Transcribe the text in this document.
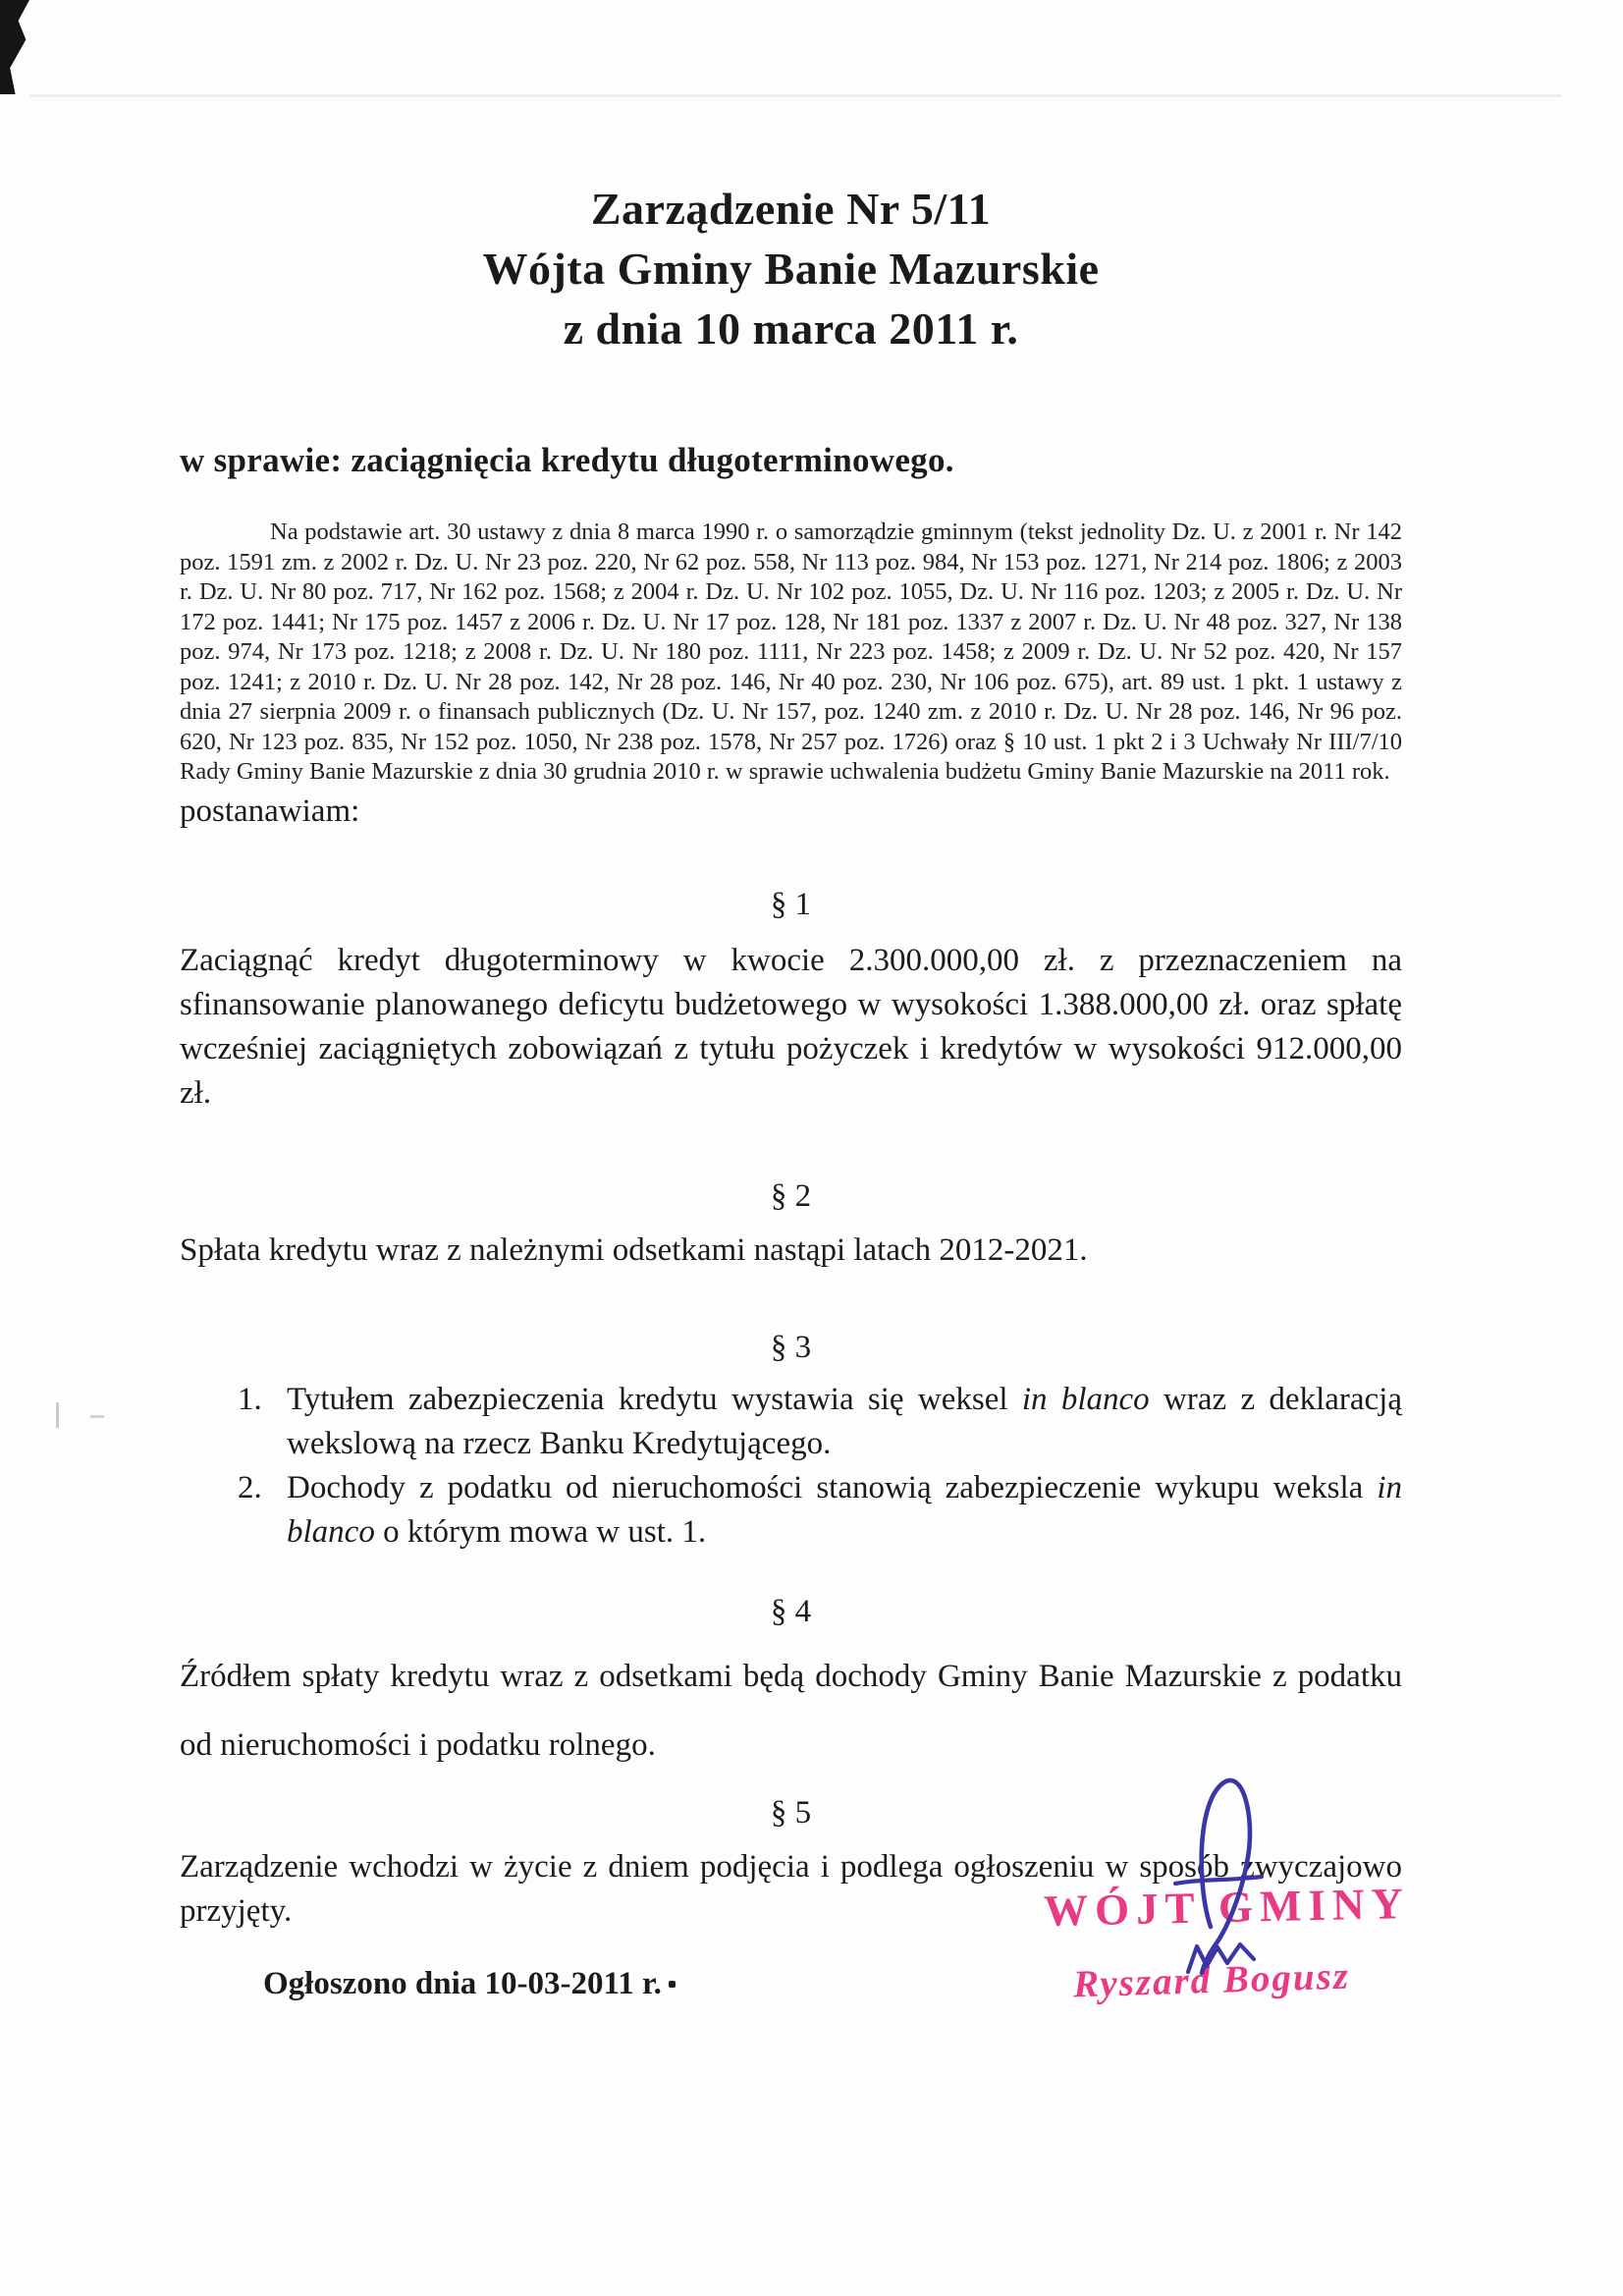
Zarządzenie Nr 5/11
Wójta Gminy Banie Mazurskie
z dnia 10 marca 2011 r.
w sprawie: zaciągnięcia kredytu długoterminowego.
Na podstawie art. 30 ustawy z dnia 8 marca 1990 r. o samorządzie gminnym (tekst jednolity Dz. U. z 2001 r. Nr 142 poz. 1591 zm. z 2002 r. Dz. U. Nr 23 poz. 220, Nr 62 poz. 558, Nr 113 poz. 984, Nr 153 poz. 1271, Nr 214 poz. 1806; z 2003 r. Dz. U. Nr 80 poz. 717, Nr 162 poz. 1568; z 2004 r. Dz. U. Nr 102 poz. 1055, Dz. U. Nr 116 poz. 1203; z 2005 r. Dz. U. Nr 172 poz. 1441; Nr 175 poz. 1457 z 2006 r. Dz. U. Nr 17 poz. 128, Nr 181 poz. 1337 z 2007 r. Dz. U. Nr 48 poz. 327, Nr 138 poz. 974, Nr 173 poz. 1218; z 2008 r. Dz. U. Nr 180 poz. 1111, Nr 223 poz. 1458; z 2009 r. Dz. U. Nr 52 poz. 420, Nr 157 poz. 1241; z 2010 r. Dz. U. Nr 28 poz. 142, Nr 28 poz. 146, Nr 40 poz. 230, Nr 106 poz. 675), art. 89 ust. 1 pkt. 1 ustawy z dnia 27 sierpnia 2009 r. o finansach publicznych (Dz. U. Nr 157, poz. 1240 zm. z 2010 r. Dz. U. Nr 28 poz. 146, Nr 96 poz. 620, Nr 123 poz. 835, Nr 152 poz. 1050, Nr 238 poz. 1578, Nr 257 poz. 1726) oraz § 10 ust. 1 pkt 2 i 3 Uchwały Nr III/7/10 Rady Gminy Banie Mazurskie z dnia 30 grudnia 2010 r. w sprawie uchwalenia budżetu Gminy Banie Mazurskie na 2011 rok.
postanawiam:
§ 1
Zaciągnąć kredyt długoterminowy w kwocie 2.300.000,00 zł. z przeznaczeniem na sfinansowanie planowanego deficytu budżetowego w wysokości 1.388.000,00 zł. oraz spłatę wcześniej zaciągniętych zobowiązań z tytułu pożyczek i kredytów w wysokości 912.000,00 zł.
§ 2
Spłata kredytu wraz z należnymi odsetkami nastąpi latach 2012-2021.
§ 3
1. Tytułem zabezpieczenia kredytu wystawia się weksel in blanco wraz z deklaracją wekslową na rzecz Banku Kredytującego.
2. Dochody z podatku od nieruchomości stanowią zabezpieczenie wykupu weksla in blanco o którym mowa w ust. 1.
§ 4
Źródłem spłaty kredytu wraz z odsetkami będą dochody Gminy Banie Mazurskie z podatku od nieruchomości i podatku rolnego.
§ 5
Zarządzenie wchodzi w życie z dniem podjęcia i podlega ogłoszeniu w sposób zwyczajowo przyjęty.
Ogłoszono dnia 10-03-2011 r.
WÓJT GMINY
Ryszard Bogusz
